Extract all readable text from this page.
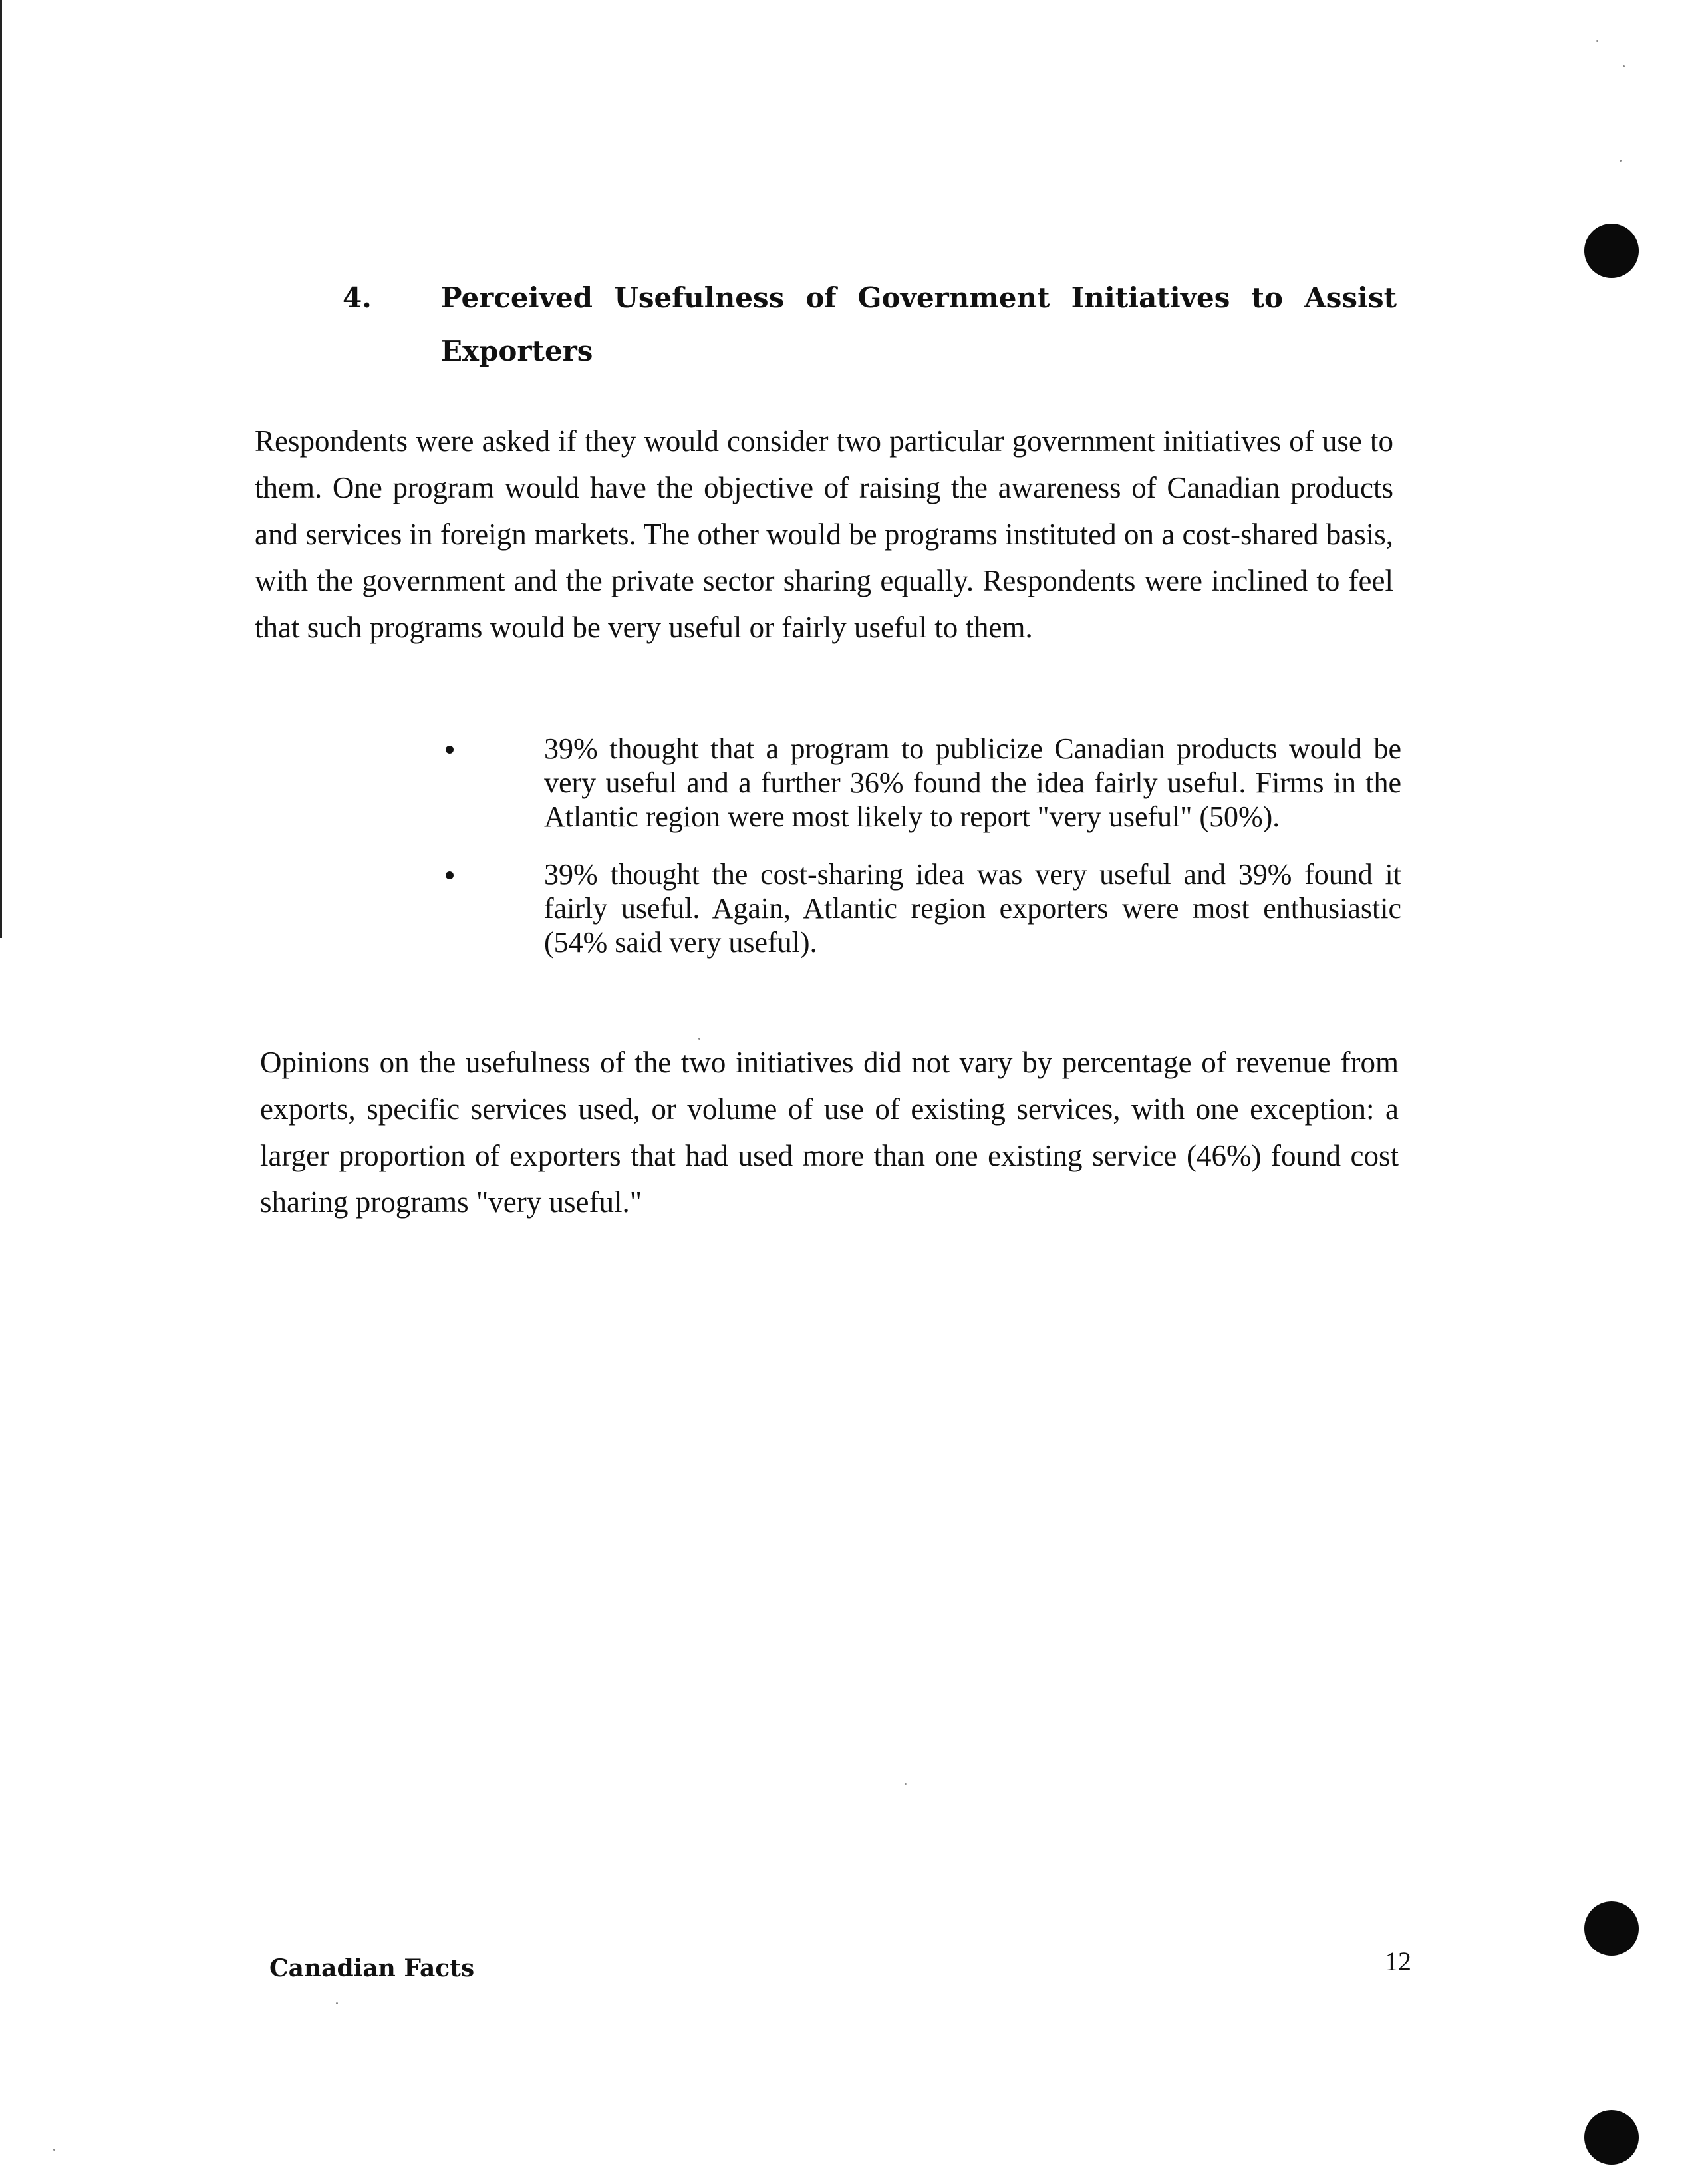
4. Perceived Usefulness of Government Initiatives to Assist Exporters
Respondents were asked if they would consider two particular government initiatives of use to them. One program would have the objective of raising the awareness of Canadian products and services in foreign markets. The other would be programs instituted on a cost-shared basis, with the government and the private sector sharing equally. Respondents were inclined to feel that such programs would be very useful or fairly useful to them.
39% thought that a program to publicize Canadian products would be very useful and a further 36% found the idea fairly useful. Firms in the Atlantic region were most likely to report "very useful" (50%).
39% thought the cost-sharing idea was very useful and 39% found it fairly useful. Again, Atlantic region exporters were most enthusiastic (54% said very useful).
Opinions on the usefulness of the two initiatives did not vary by percentage of revenue from exports, specific services used, or volume of use of existing services, with one exception: a larger proportion of exporters that had used more than one existing service (46%) found cost sharing programs "very useful."
Canadian Facts	12
